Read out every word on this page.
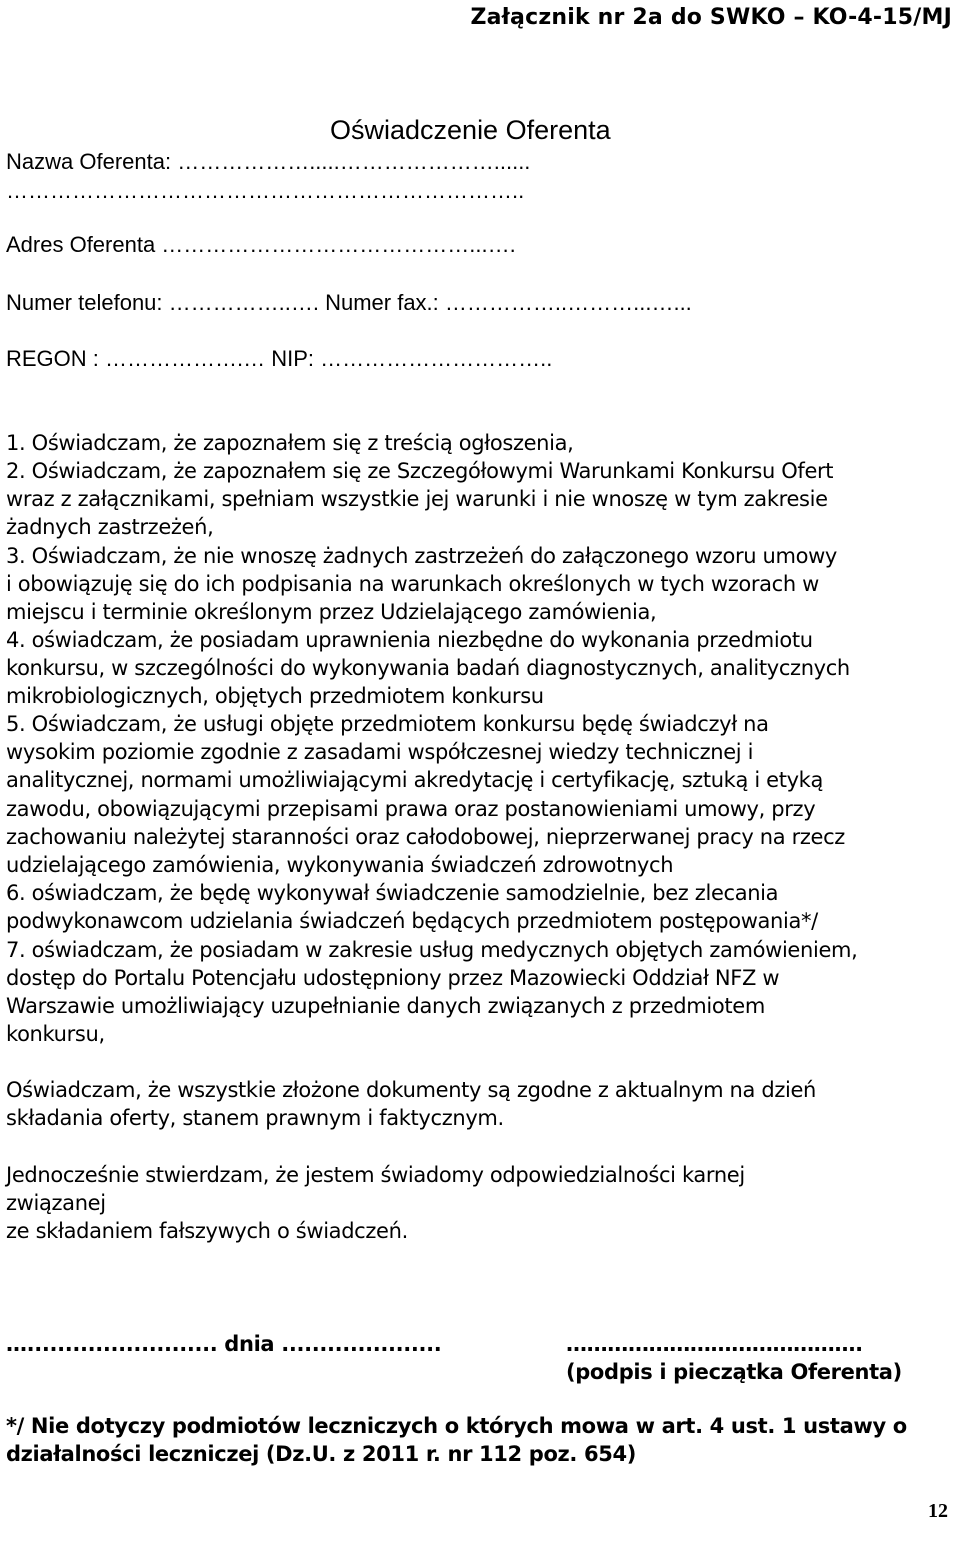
Załącznik nr 2a do SWKO – KO-4-15/MJ
Oświadczenie Oferenta
Nazwa Oferenta: ……………….....…………………......
……………………………………………………………..
Adres Oferenta ……………………………………...….
Numer telefonu: ……………..…. Numer fax.: ……………..………...…...
REGON : ……………….… NIP: …………………………..
1. Oświadczam, że zapoznałem się z treścią ogłoszenia,
2. Oświadczam, że zapoznałem się ze Szczegółowymi Warunkami Konkursu Ofert
wraz z załącznikami, spełniam wszystkie jej warunki i nie wnoszę w tym zakresie
żadnych zastrzeżeń,
3. Oświadczam, że nie wnoszę żadnych zastrzeżeń do załączonego wzoru umowy
i obowiązuję się do ich podpisania na warunkach określonych w tych wzorach w
miejscu i terminie określonym przez Udzielającego zamówienia,
4. oświadczam, że posiadam uprawnienia niezbędne do wykonania przedmiotu
konkursu, w szczególności do wykonywania badań diagnostycznych, analitycznych
mikrobiologicznych, objętych przedmiotem konkursu
5. Oświadczam, że usługi objęte przedmiotem konkursu będę świadczył na
wysokim poziomie zgodnie z zasadami współczesnej wiedzy technicznej i
analitycznej, normami umożliwiającymi akredytację i certyfikację, sztuką i etyką
zawodu, obowiązującymi przepisami prawa oraz postanowieniami umowy, przy
zachowaniu należytej staranności oraz całodobowej, nieprzerwanej pracy na rzecz
udzielającego zamówienia, wykonywania świadczeń zdrowotnych
6. oświadczam, że będę wykonywał świadczenie samodzielnie, bez zlecania
podwykonawcom udzielania świadczeń będących przedmiotem postępowania*/
7. oświadczam, że posiadam w zakresie usług medycznych objętych zamówieniem,
dostęp do Portalu Potencjału udostępniony przez Mazowiecki Oddział NFZ w
Warszawie umożliwiający uzupełnianie danych związanych z przedmiotem
konkursu,
Oświadczam, że wszystkie złożone dokumenty są zgodne z aktualnym na dzień
składania oferty, stanem prawnym i faktycznym.
Jednocześnie stwierdzam, że jestem świadomy odpowiedzialności karnej
związanej
ze składaniem fałszywych o świadczeń.
…......................... dnia .....................	…………………………………….
(podpis i pieczątka Oferenta)
*/ Nie dotyczy podmiotów leczniczych o których mowa w art. 4 ust. 1 ustawy o
działalności leczniczej (Dz.U. z 2011 r. nr 112 poz. 654)
12
